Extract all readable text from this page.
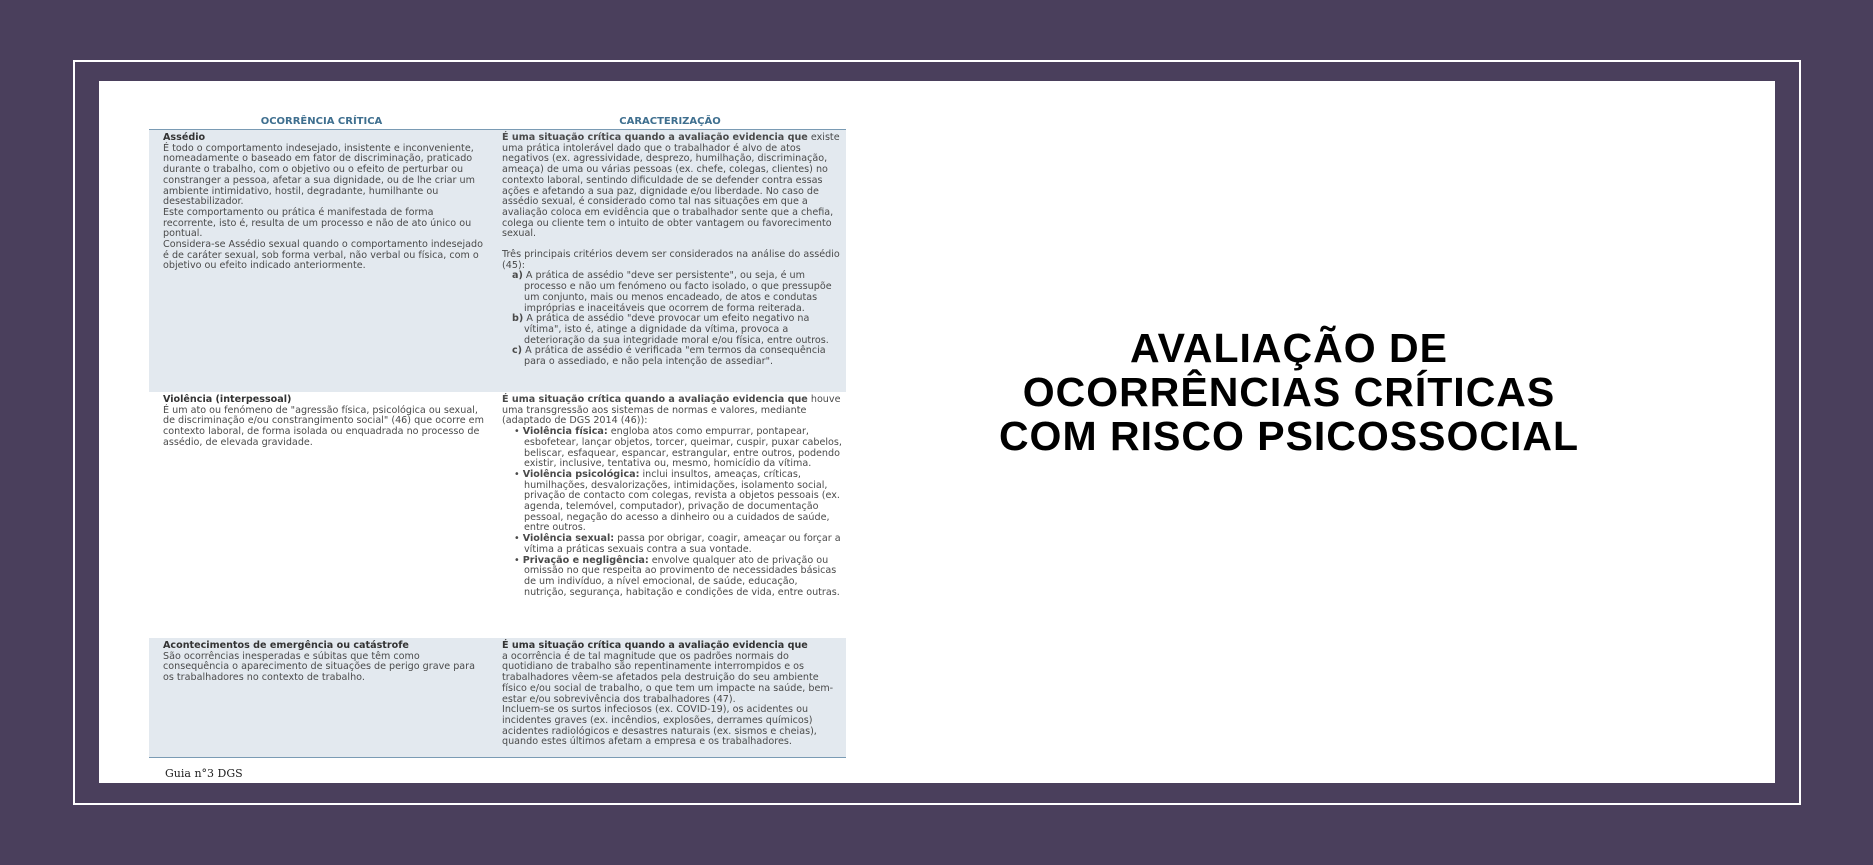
OCORRÊNCIA CRÍTICA	CARACTERIZAÇÃO

Assédio

É todo o comportamento indesejado, insistente e inconveniente, nomeadamente o baseado em fator de discriminação, praticado durante o trabalho, com o objetivo ou o efeito de perturbar ou constranger a pessoa, afetar a sua dignidade, ou de lhe criar um ambiente intimidativo, hostil, degradante, humilhante ou desestabilizador.

Este comportamento ou prática é manifestada de forma recorrente, isto é, resulta de um processo e não de ato único ou pontual.

Considera-se Assédio sexual quando o comportamento indesejado é de caráter sexual, sob forma verbal, não verbal ou física, com o objetivo ou efeito indicado anteriormente.

É uma situação crítica quando a avaliação evidencia que existe uma prática intolerável dado que o trabalhador é alvo de atos negativos (ex. agressividade, desprezo, humilhação, discriminação, ameaça) de uma ou várias pessoas (ex. chefe, colegas, clientes) no contexto laboral, sentindo dificuldade de se defender contra essas ações e afetando a sua paz, dignidade e/ou liberdade. No caso de assédio sexual, é considerado como tal nas situações em que a avaliação coloca em evidência que o trabalhador sente que a chefia, colega ou cliente tem o intuito de obter vantagem ou favorecimento sexual.

Três principais critérios devem ser considerados na análise do assédio (45):

a) A prática de assédio "deve ser persistente", ou seja, é um processo e não um fenómeno ou facto isolado, o que pressupõe um conjunto, mais ou menos encadeado, de atos e condutas impróprias e inaceitáveis que ocorrem de forma reiterada.

b) A prática de assédio "deve provocar um efeito negativo na vítima", isto é, atinge a dignidade da vítima, provoca a deterioração da sua integridade moral e/ou física, entre outros.

c) A prática de assédio é verificada "em termos da consequência para o assediado, e não pela intenção de assediar".

Violência (interpessoal)

É um ato ou fenómeno de "agressão física, psicológica ou sexual, de discriminação e/ou constrangimento social" (46) que ocorre em contexto laboral, de forma isolada ou enquadrada no processo de assédio, de elevada gravidade.

É uma situação crítica quando a avaliação evidencia que houve uma transgressão aos sistemas de normas e valores, mediante (adaptado de DGS 2014 (46)):

• Violência física: engloba atos como empurrar, pontapear, esbofetear, lançar objetos, torcer, queimar, cuspir, puxar cabelos, beliscar, esfaquear, espancar, estrangular, entre outros, podendo existir, inclusive, tentativa ou, mesmo, homicídio da vítima.

• Violência psicológica: inclui insultos, ameaças, críticas, humilhações, desvalorizações, intimidações, isolamento social, privação de contacto com colegas, revista a objetos pessoais (ex. agenda, telemóvel, computador), privação de documentação pessoal, negação do acesso a dinheiro ou a cuidados de saúde, entre outros.

• Violência sexual: passa por obrigar, coagir, ameaçar ou forçar a vítima a práticas sexuais contra a sua vontade.

• Privação e negligência: envolve qualquer ato de privação ou omissão no que respeita ao provimento de necessidades básicas de um indivíduo, a nível emocional, de saúde, educação, nutrição, segurança, habitação e condições de vida, entre outras.

Acontecimentos de emergência ou catástrofe

São ocorrências inesperadas e súbitas que têm como consequência o aparecimento de situações de perigo grave para os trabalhadores no contexto de trabalho.

É uma situação crítica quando a avaliação evidencia que

a ocorrência é de tal magnitude que os padrões normais do quotidiano de trabalho são repentinamente interrompidos e os trabalhadores vêem-se afetados pela destruição do seu ambiente físico e/ou social de trabalho, o que tem um impacte na saúde, bem-estar e/ou sobrevivência dos trabalhadores (47).

Incluem-se os surtos infeciosos (ex. COVID-19), os acidentes ou incidentes graves (ex. incêndios, explosões, derrames químicos) acidentes radiológicos e desastres naturais (ex. sismos e cheias), quando estes últimos afetam a empresa e os trabalhadores.

Guia n°3 DGS
AVALIAÇÃO DE
OCORRÊNCIAS CRÍTICAS
COM RISCO PSICOSSOCIAL
